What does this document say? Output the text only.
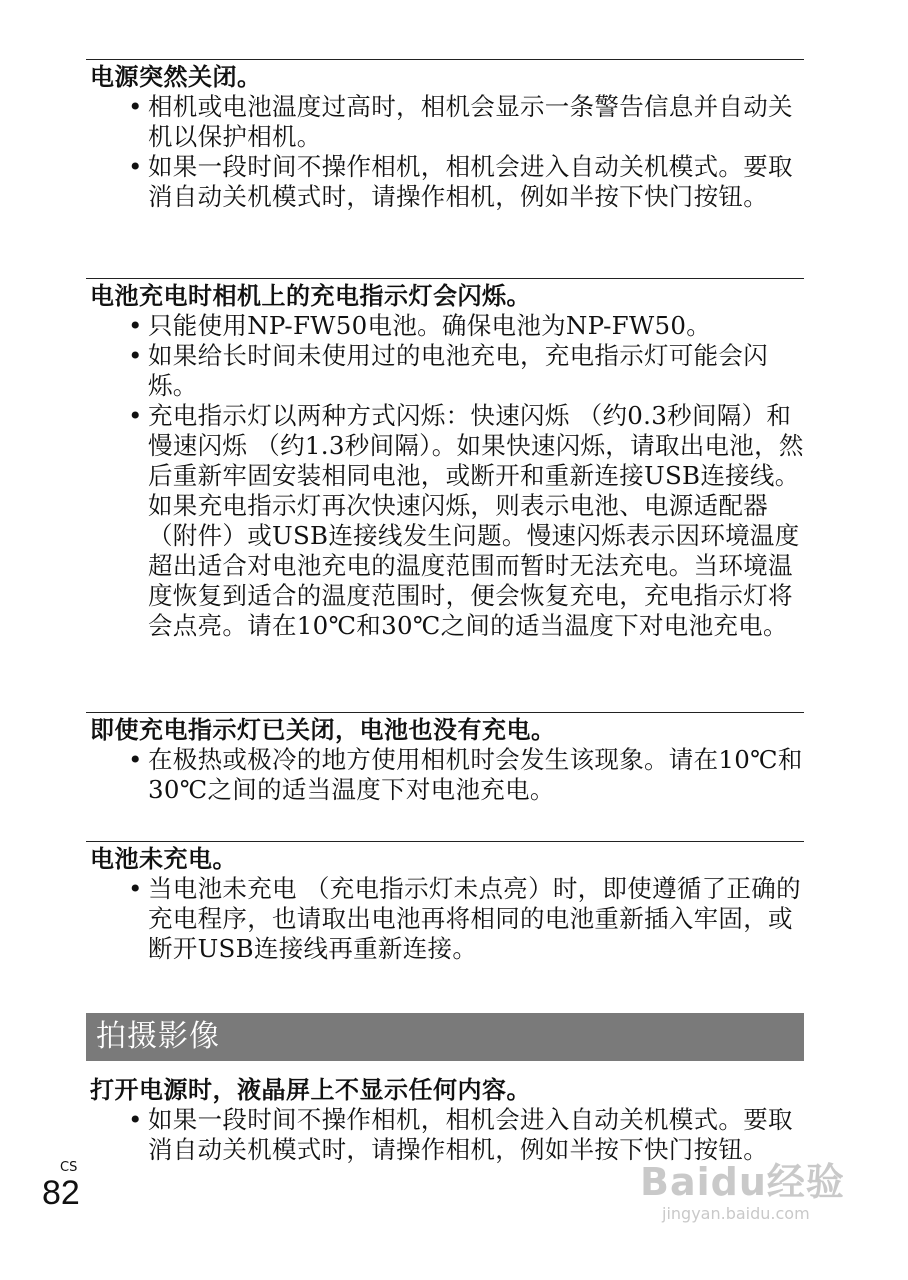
电源突然关闭。
• 相机或电池温度过高时，相机会显示一条警告信息并自动关机以保护相机。
• 如果一段时间不操作相机，相机会进入自动关机模式。要取消自动关机模式时，请操作相机，例如半按下快门按钮。
电池充电时相机上的充电指示灯会闪烁。
• 只能使用NP-FW50电池。确保电池为NP-FW50。
• 如果给长时间未使用过的电池充电，充电指示灯可能会闪烁。
• 充电指示灯以两种方式闪烁：快速闪烁 （约0.3秒间隔）和慢速闪烁 （约1.3秒间隔）。如果快速闪烁，请取出电池，然后重新牢固安装相同电池，或断开和重新连接USB连接线。如果充电指示灯再次快速闪烁，则表示电池、电源适配器 （附件）或USB连接线发生问题。慢速闪烁表示因环境温度超出适合对电池充电的温度范围而暂时无法充电。当环境温度恢复到适合的温度范围时，便会恢复充电，充电指示灯将会点亮。请在10℃和30℃之间的适当温度下对电池充电。
即使充电指示灯已关闭，电池也没有充电。
• 在极热或极冷的地方使用相机时会发生该现象。请在10℃和30℃之间的适当温度下对电池充电。
电池未充电。
• 当电池未充电 （充电指示灯未点亮）时，即使遵循了正确的充电程序，也请取出电池再将相同的电池重新插入牢固，或断开USB连接线再重新连接。
拍摄影像
打开电源时，液晶屏上不显示任何内容。
• 如果一段时间不操作相机，相机会进入自动关机模式。要取消自动关机模式时，请操作相机，例如半按下快门按钮。
CS
82	Baidu经验
jingyan.baidu.com
